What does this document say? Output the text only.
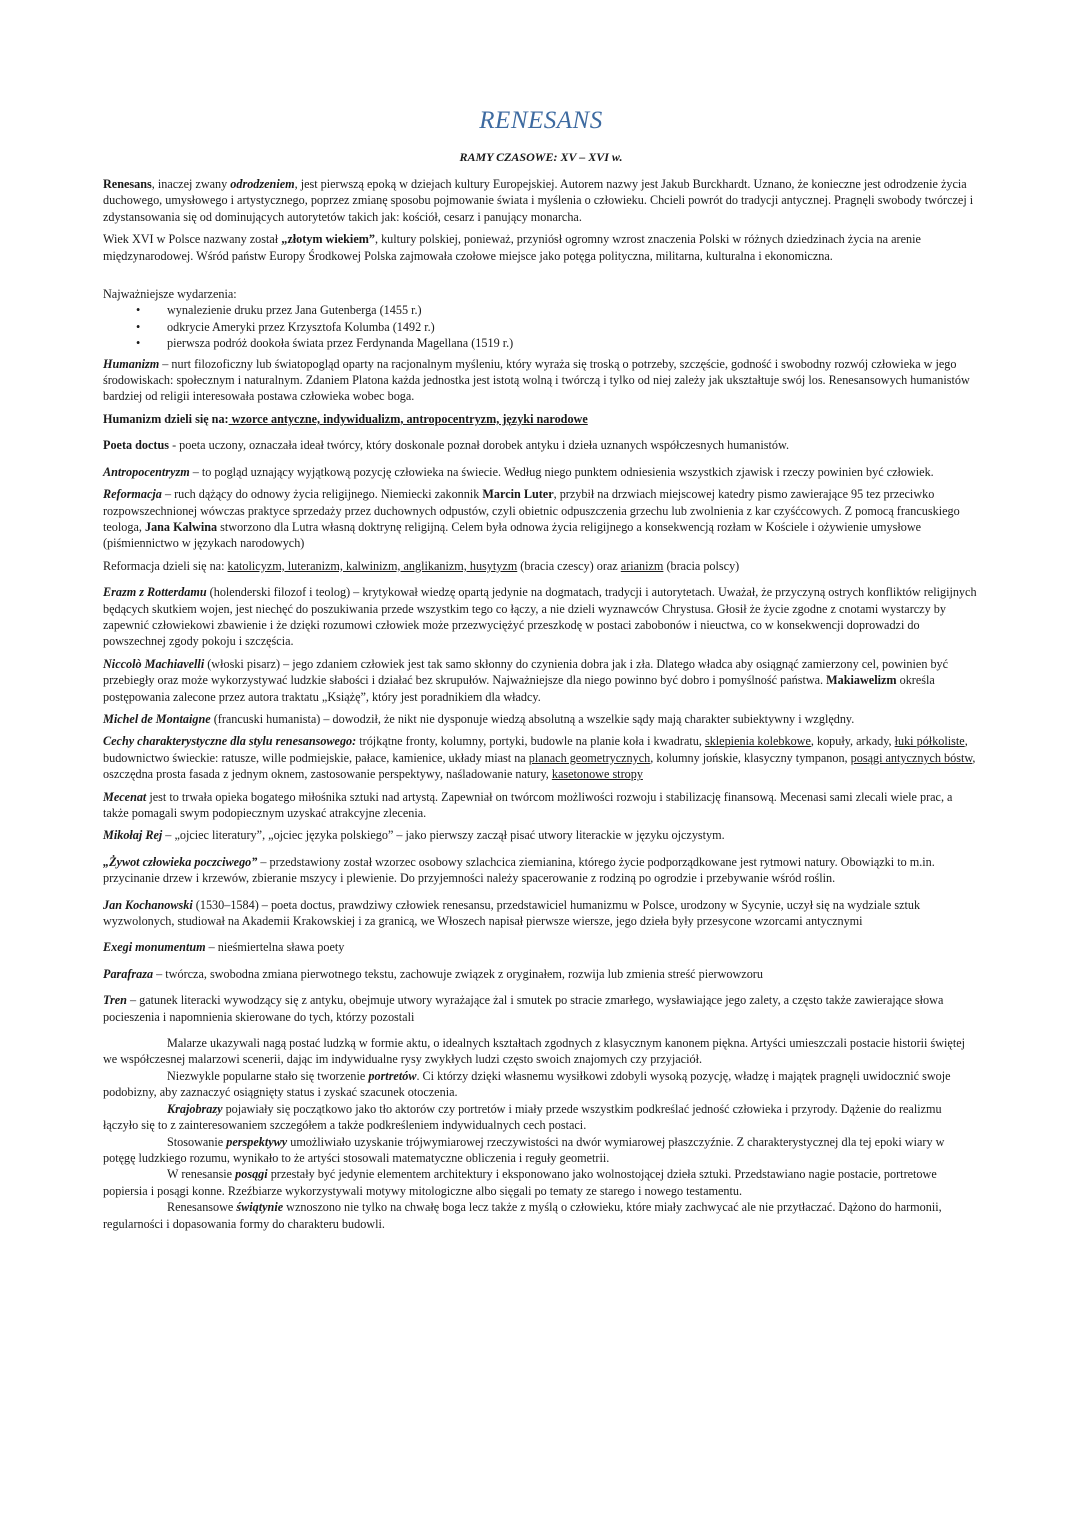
RENESANS
RAMY CZASOWE: XV – XVI w.

Renesans, inaczej zwany odrodzeniem, jest pierwszą epoką w dziejach kultury Europejskiej. Autorem nazwy jest Jakub Burckhardt. Uznano, że konieczne jest odrodzenie życia duchowego, umysłowego i artystycznego, poprzez zmianę sposobu pojmowanie świata i myślenia o człowieku. Chcieli powrót do tradycji antycznej. Pragnęli swobody twórczej i zdystansowania się od dominujących autorytetów takich jak: kościół, cesarz i panujący monarcha.

Wiek XVI w Polsce nazwany został „złotym wiekiem”, kultury polskiej, ponieważ, przyniósł ogromny wzrost znaczenia Polski w różnych dziedzinach życia na arenie międzynarodowej. Wśród państw Europy Środkowej Polska zajmowała czołowe miejsce jako potęga polityczna, militarna, kulturalna i ekonomiczna.

Najważniejsze wydarzenia:

• wynalezienie druku przez Jana Gutenberga (1455 r.)
• odkrycie Ameryki przez Krzysztofa Kolumba (1492 r.)
• pierwsza podróż dookoła świata przez Ferdynanda Magellana (1519 r.)

Humanizm – nurt filozoficzny lub światopogląd oparty na racjonalnym myśleniu, który wyraża się troską o potrzeby, szczęście, godność i swobodny rozwój człowieka w jego środowiskach: społecznym i naturalnym. Zdaniem Platona każda jednostka jest istotą wolną i twórczą i tylko od niej zależy jak ukształtuje swój los. Renesansowych humanistów bardziej od religii interesowała postawa człowieka wobec boga.

Humanizm dzieli się na: wzorce antyczne, indywidualizm, antropocentryzm, języki narodowe

Poeta doctus - poeta uczony, oznaczała ideał twórcy, który doskonale poznał dorobek antyku i dzieła uznanych współczesnych humanistów.

Antropocentryzm – to pogląd uznający wyjątkową pozycję człowieka na świecie. Według niego punktem odniesienia wszystkich zjawisk i rzeczy powinien być człowiek.

Reformacja – ruch dążący do odnowy życia religijnego. Niemiecki zakonnik Marcin Luter, przybił na drzwiach miejscowej katedry pismo zawierające 95 tez przeciwko rozpowszechnionej wówczas praktyce sprzedaży przez duchownych odpustów, czyli obietnic odpuszczenia grzechu lub zwolnienia z kar czyśćcowych. Z pomocą francuskiego teologa, Jana Kalwina stworzono dla Lutra własną doktrynę religijną. Celem była odnowa życia religijnego a konsekwencją rozłam w Kościele i ożywienie umysłowe (piśmiennictwo w językach narodowych)

Reformacja dzieli się na: katolicyzm, luteranizm, kalwinizm, anglikanizm, husytyzm (bracia czescy) oraz arianizm (bracia polscy)

Erazm z Rotterdamu (holenderski filozof i teolog) – krytykował wiedzę opartą jedynie na dogmatach, tradycji i autorytetach. Uważał, że przyczyną ostrych konfliktów religijnych będących skutkiem wojen, jest niechęć do poszukiwania przede wszystkim tego co łączy, a nie dzieli wyznawców Chrystusa. Głosił że życie zgodne z cnotami wystarczy by zapewnić człowiekowi zbawienie i że dzięki rozumowi człowiek może przezwyciężyć przeszkodę w postaci zabobonów i nieuctwa, co w konsekwencji doprowadzi do powszechnej zgody pokoju i szczęścia.

Niccolò Machiavelli (włoski pisarz) – jego zdaniem człowiek jest tak samo skłonny do czynienia dobra jak i zła. Dlatego władca aby osiągnąć zamierzony cel, powinien być przebiegły oraz może wykorzystywać ludzkie słabości i działać bez skrupułów. Najważniejsze dla niego powinno być dobro i pomyślność państwa. Makiawelizm określa postępowania zalecone przez autora traktatu „Książę”, który jest poradnikiem dla władcy.

Michel de Montaigne (francuski humanista) – dowodził, że nikt nie dysponuje wiedzą absolutną a wszelkie sądy mają charakter subiektywny i względny.

Cechy charakterystyczne dla stylu renesansowego: trójkątne fronty, kolumny, portyki, budowle na planie koła i kwadratu, sklepienia kolebkowe, kopuły, arkady, łuki półkoliste, budownictwo świeckie: ratusze, wille podmiejskie, pałace, kamienice, układy miast na planach geometrycznych, kolumny jońskie, klasyczny tympanon, posągi antycznych bóstw, oszczędna prosta fasada z jednym oknem, zastosowanie perspektywy, naśladowanie natury, kasetonowe stropy

Mecenat jest to trwała opieka bogatego miłośnika sztuki nad artystą. Zapewniał on twórcom możliwości rozwoju i stabilizację finansową. Mecenasi sami zlecali wiele prac, a także pomagali swym podopiecznym uzyskać atrakcyjne zlecenia.

Mikołaj Rej – „ojciec literatury”, „ojciec języka polskiego” – jako pierwszy zaczął pisać utwory literackie w języku ojczystym.

„Żywot człowieka poczciwego” – przedstawiony został wzorzec osobowy szlachcica ziemianina, którego życie podporządkowane jest rytmowi natury. Obowiązki to m.in. przycinanie drzew i krzewów, zbieranie mszycy i plewienie. Do przyjemności należy spacerowanie z rodziną po ogrodzie i przebywanie wśród roślin.

Jan Kochanowski (1530–1584) – poeta doctus, prawdziwy człowiek renesansu, przedstawiciel humanizmu w Polsce, urodzony w Sycynie, uczył się na wydziale sztuk wyzwolonych, studiował na Akademii Krakowskiej i za granicą, we Włoszech napisał pierwsze wiersze, jego dzieła były przesycone wzorcami antycznymi

Exegi monumentum – nieśmiertelna sława poety

Parafraza – twórcza, swobodna zmiana pierwotnego tekstu, zachowuje związek z oryginałem, rozwija lub zmienia streść pierwowzoru

Tren – gatunek literacki wywodzący się z antyku, obejmuje utwory wyrażające żal i smutek po stracie zmarłego, wysławiające jego zalety, a często także zawierające słowa pocieszenia i napomnienia skierowane do tych, którzy pozostali

Malarze ukazywali nagą postać ludzką w formie aktu, o idealnych kształtach zgodnych z klasycznym kanonem piękna. Artyści umieszczali postacie historii świętej we współczesnej malarzowi scenerii, dając im indywidualne rysy zwykłych ludzi często swoich znajomych czy przyjaciół.

Niezwykle popularne stało się tworzenie portretów. Ci którzy dzięki własnemu wysiłkowi zdobyli wysoką pozycję, władzę i majątek pragnęli uwidocznić swoje podobizny, aby zaznaczyć osiągnięty status i zyskać szacunek otoczenia.

Krajobrazy pojawiały się początkowo jako tło aktorów czy portretów i miały przede wszystkim podkreślać jedność człowieka i przyrody. Dążenie do realizmu łączyło się to z zainteresowaniem szczegółem a także podkreśleniem indywidualnych cech postaci.

Stosowanie perspektywy umożliwiało uzyskanie trójwymiarowej rzeczywistości na dwór wymiarowej płaszczyźnie. Z charakterystycznej dla tej epoki wiary w potęgę ludzkiego rozumu, wynikało to że artyści stosowali matematyczne obliczenia i reguły geometrii.

W renesansie posągi przestały być jedynie elementem architektury i eksponowano jako wolnostojącej dzieła sztuki. Przedstawiano nagie postacie, portretowe popiersia i posągi konne. Rzeźbiarze wykorzystywali motywy mitologiczne albo sięgali po tematy ze starego i nowego testamentu.

Renesansowe świątynie wznoszono nie tylko na chwałę boga lecz także z myślą o człowieku, które miały zachwycać ale nie przytłaczać. Dążono do harmonii, regularności i dopasowania formy do charakteru budowli.
